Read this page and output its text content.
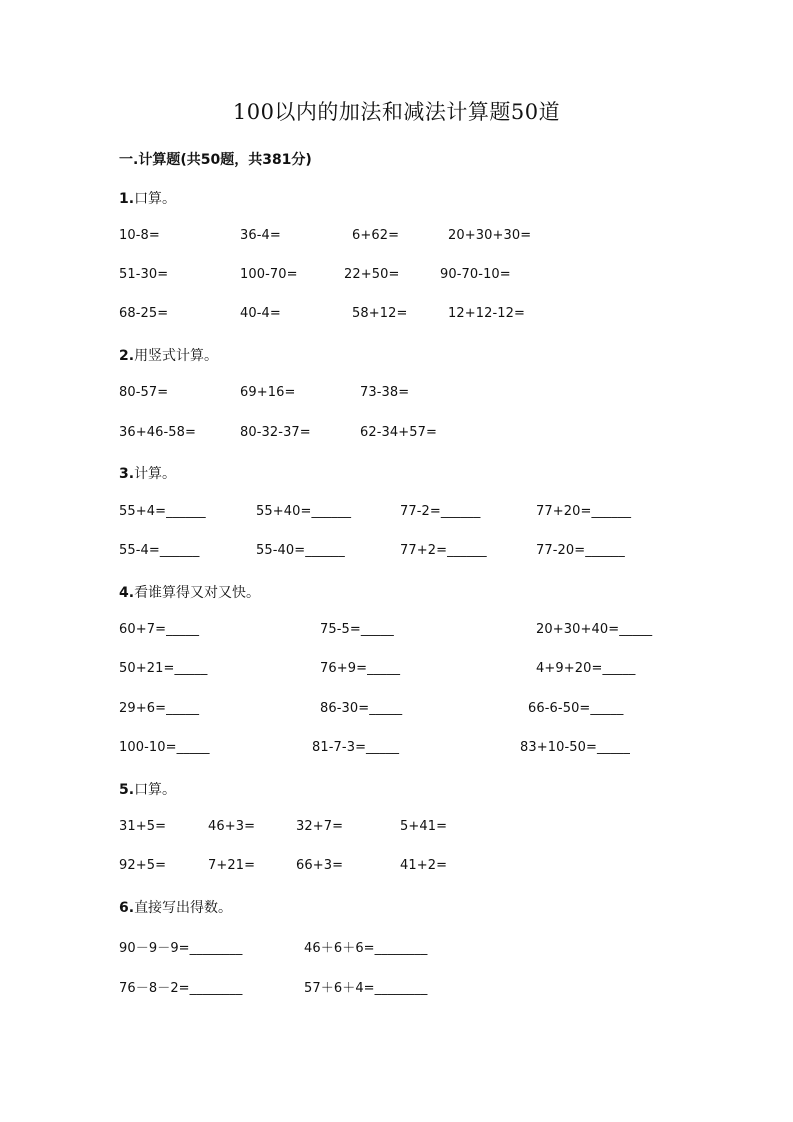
100以内的加法和减法计算题50道
一.计算题(共50题，共381分)
1.口算。
10-8=	36-4=	6+62=	20+30+30=
51-30=	100-70=	22+50=	90-70-10=
68-25=	40-4=	58+12=	12+12-12=
2.用竖式计算。
80-57=	69+16=	73-38=
36+46-58=	80-32-37=	62-34+57=
3.计算。
55+4=______	55+40=______	77-2=______	77+20=______
55-4=______	55-40=______	77+2=______	77-20=______
4.看谁算得又对又快。
60+7=_____	75-5=_____	20+30+40=_____
50+21=_____	76+9=_____	4+9+20=_____
29+6=_____	86-30=_____	66-6-50=_____
100-10=_____	81-7-3=_____	83+10-50=_____
5.口算。
31+5=	46+3=	32+7=	5+41=
92+5=	7+21=	66+3=	41+2=
6.直接写出得数。
90－9－9=________	46＋6＋6=________
76－8－2=________	57＋6＋4=________
